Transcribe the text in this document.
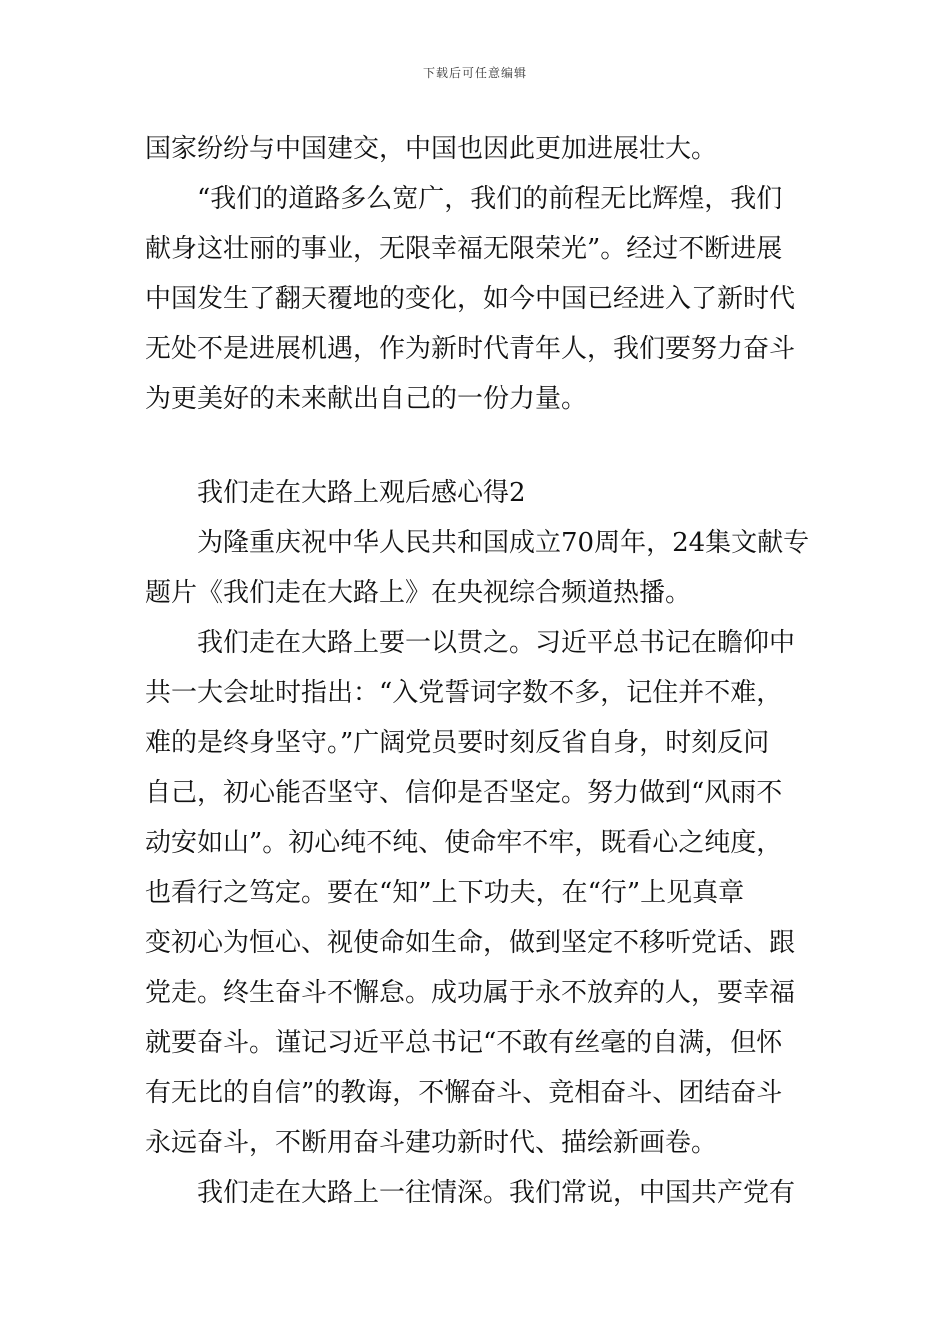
下载后可任意编辑
国家纷纷与中国建交，中国也因此更加进展壮大。
“我们的道路多么宽广，我们的前程无比辉煌，我们
献身这壮丽的事业，无限幸福无限荣光”。经过不断进展
中国发生了翻天覆地的变化，如今中国已经进入了新时代
无处不是进展机遇，作为新时代青年人，我们要努力奋斗
为更美好的未来献出自己的一份力量。
我们走在大路上观后感心得2
为隆重庆祝中华人民共和国成立70周年，24集文献专
题片《我们走在大路上》在央视综合频道热播。
我们走在大路上要一以贯之。习近平总书记在瞻仰中
共一大会址时指出：“入党誓词字数不多，记住并不难，
难的是终身坚守。”广阔党员要时刻反省自身，时刻反问
自己，初心能否坚守、信仰是否坚定。努力做到“风雨不
动安如山”。初心纯不纯、使命牢不牢，既看心之纯度，
也看行之笃定。要在“知”上下功夫，在“行”上见真章
变初心为恒心、视使命如生命，做到坚定不移听党话、跟
党走。终生奋斗不懈怠。成功属于永不放弃的人，要幸福
就要奋斗。谨记习近平总书记“不敢有丝毫的自满，但怀
有无比的自信”的教诲，不懈奋斗、竞相奋斗、团结奋斗
永远奋斗，不断用奋斗建功新时代、描绘新画卷。
我们走在大路上一往情深。我们常说，中国共产党有
